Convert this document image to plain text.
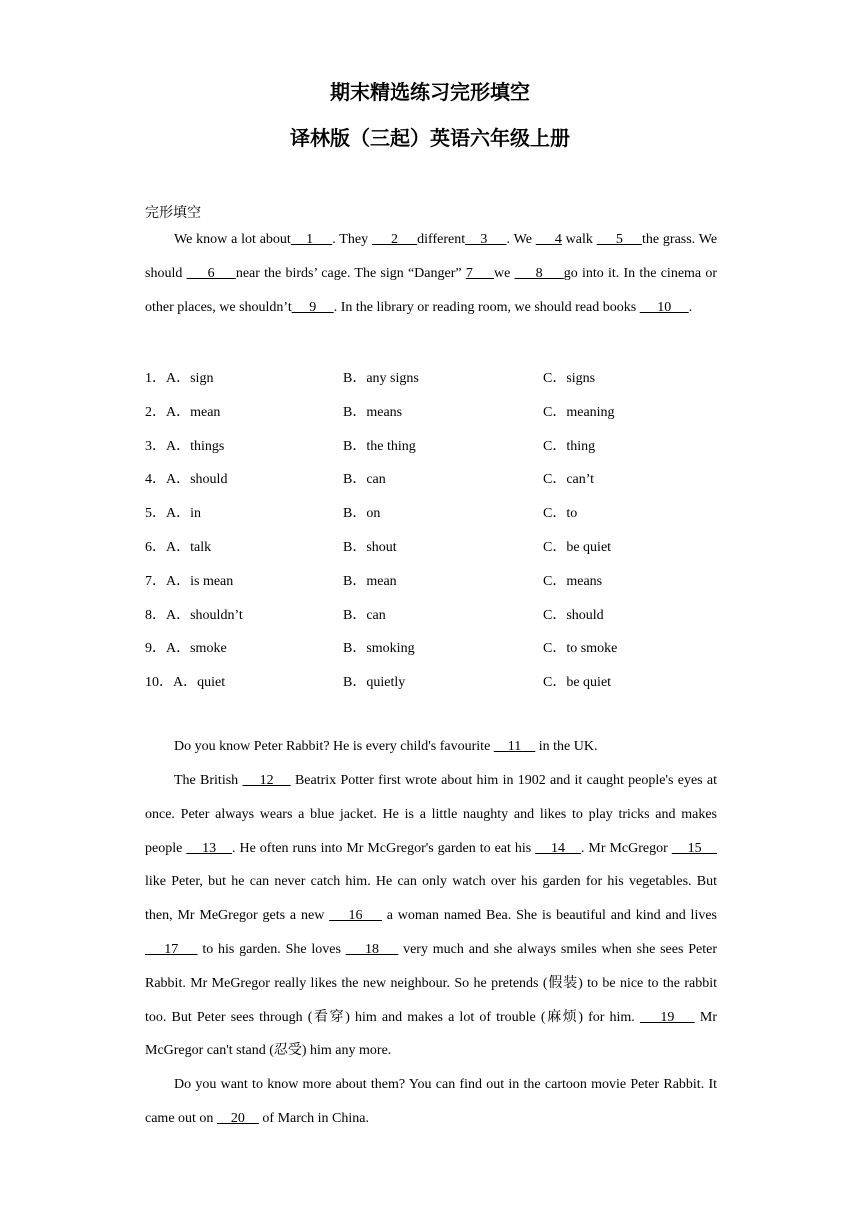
期末精选练习完形填空
译林版（三起）英语六年级上册
完形填空

We know a lot about    1     . They      2     different    3     . We      4 walk      5     the grass. We should      6     near the birds’ cage. The sign “Danger” 7     we      8     go into it. In the cinema or other places, we shouldn’t     9     . In the library or reading room, we should read books      10     .

1．A．sign	B．any signs	C．signs
2．A．mean	B．means	C．meaning
3．A．things	B．the thing	C．thing
4．A．should	B．can	C．can’t
5．A．in	B．on	C．to
6．A．talk	B．shout	C．be quiet
7．A．is mean	B．mean	C．means
8．A．shouldn’t	B．can	C．should
9．A．smoke	B．smoking	C．to smoke
10．A．quiet	B．quietly	C．be quiet

Do you know Peter Rabbit? He is every child's favourite     11     in the UK.

The British     12     Beatrix Potter first wrote about him in 1902 and it caught people's eyes at once. Peter always wears a blue jacket. He is a little naughty and likes to play tricks and makes people     13    . He often runs into Mr McGregor's garden to eat his     14    . Mr McGregor     15     like Peter, but he can never catch him. He can only watch over his garden for his vegetables. But then, Mr MeGregor gets a new     16     a woman named Bea. She is beautiful and kind and lives     17     to his garden. She loves     18     very much and she always smiles when she sees Peter Rabbit. Mr MeGregor really likes the new neighbour. So he pretends (假装) to be nice to the rabbit too. But Peter sees through (看穿) him and makes a lot of trouble (麻烦) for him.     19     Mr McGregor can't stand (忍受) him any more.

Do you want to know more about them? You can find out in the cartoon movie Peter Rabbit. It came out on     20     of March in China.
